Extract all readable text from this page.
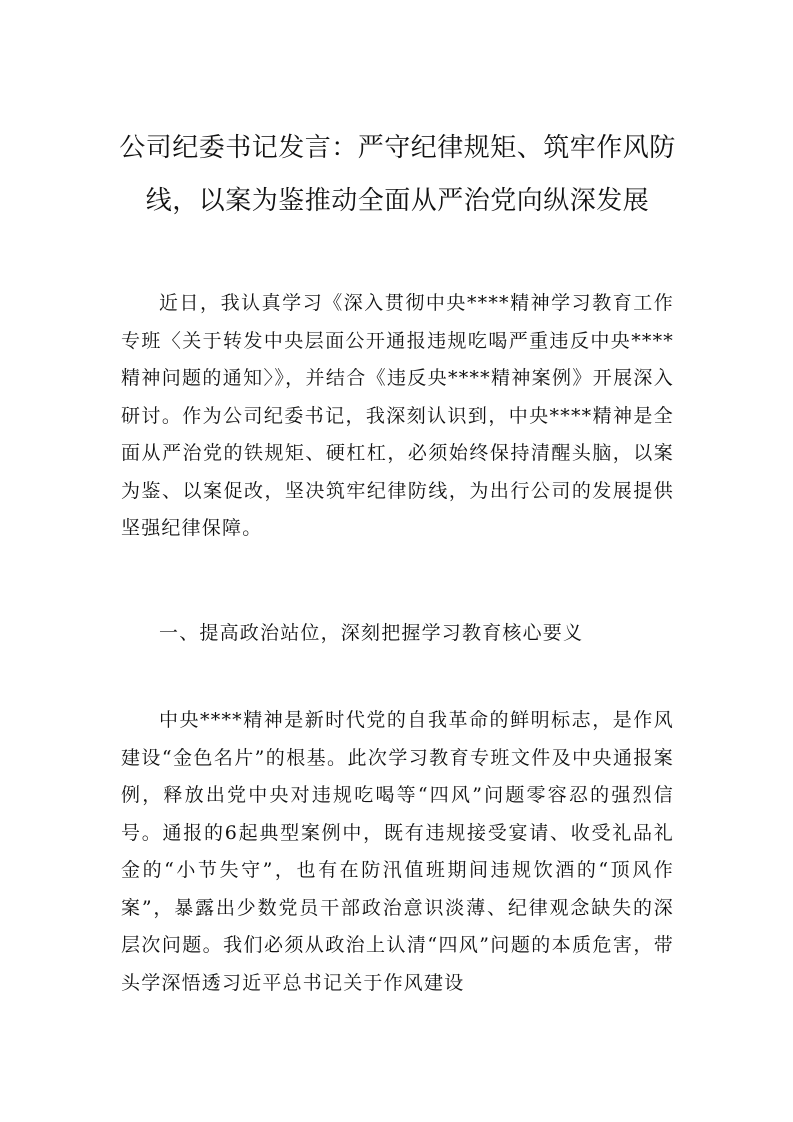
公司纪委书记发言：严守纪律规矩、筑牢作风防
线，以案为鉴推动全面从严治党向纵深发展

近日，我认真学习《深入贯彻中央****精神学习教育工作专班〈关于转发中央层面公开通报违规吃喝严重违反中央****精神问题的通知〉》，并结合《违反央****精神案例》开展深入研讨。作为公司纪委书记，我深刻认识到，中央****精神是全面从严治党的铁规矩、硬杠杠，必须始终保持清醒头脑，以案为鉴、以案促改，坚决筑牢纪律防线，为出行公司的发展提供坚强纪律保障。

一、提高政治站位，深刻把握学习教育核心要义

中央****精神是新时代党的自我革命的鲜明标志，是作风建设“金色名片”的根基。此次学习教育专班文件及中央通报案例，释放出党中央对违规吃喝等“四风”问题零容忍的强烈信号。通报的6起典型案例中，既有违规接受宴请、收受礼品礼金的“小节失守”，也有在防汛值班期间违规饮酒的“顶风作案”，暴露出少数党员干部政治意识淡薄、纪律观念缺失的深层次问题。我们必须从政治上认清“四风”问题的本质危害，带头学深悟透习近平总书记关于作风建设
